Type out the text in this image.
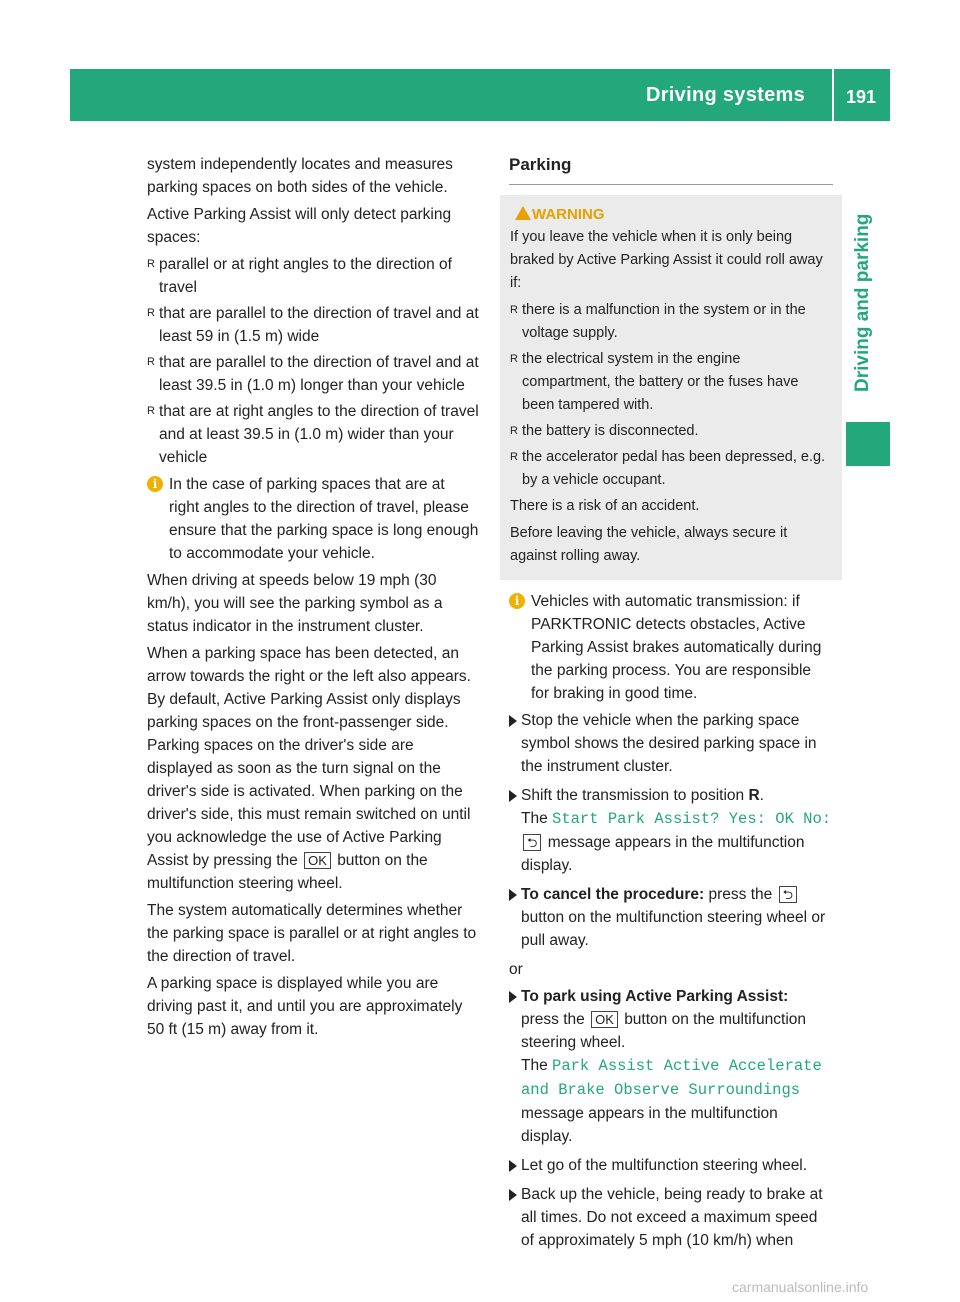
Driving systems 191
Driving and parking

system independently locates and measures parking spaces on both sides of the vehicle.

Active Parking Assist will only detect parking spaces:

R parallel or at right angles to the direction of travel
R that are parallel to the direction of travel and at least 59 in (1.5 m) wide
R that are parallel to the direction of travel and at least 39.5 in (1.0 m) longer than your vehicle
R that are at right angles to the direction of travel and at least 39.5 in (1.0 m) wider than your vehicle
i In the case of parking spaces that are at right angles to the direction of travel, please ensure that the parking space is long enough to accommodate your vehicle.

When driving at speeds below 19 mph (30 km/h), you will see the parking symbol as a status indicator in the instrument cluster.

When a parking space has been detected, an arrow towards the right or the left also appears. By default, Active Parking Assist only displays parking spaces on the front-passenger side. Parking spaces on the driver's side are displayed as soon as the turn signal on the driver's side is activated. When parking on the driver's side, this must remain switched on until you acknowledge the use of Active Parking Assist by pressing the OK button on the multifunction steering wheel.

The system automatically determines whether the parking space is parallel or at right angles to the direction of travel.

A parking space is displayed while you are driving past it, and until you are approximately 50 ft (15 m) away from it.

Parking
WARNING

If you leave the vehicle when it is only being braked by Active Parking Assist it could roll away if:

R there is a malfunction in the system or in the voltage supply.
R the electrical system in the engine compartment, the battery or the fuses have been tampered with.
R the battery is disconnected.
R the accelerator pedal has been depressed, e.g. by a vehicle occupant.

There is a risk of an accident.

Before leaving the vehicle, always secure it against rolling away.

i Vehicles with automatic transmission: if PARKTRONIC detects obstacles, Active Parking Assist brakes automatically during the parking process. You are responsible for braking in good time.
Stop the vehicle when the parking space symbol shows the desired parking space in the instrument cluster.
Shift the transmission to position R.
The Start Park Assist? Yes: OK No:
⮌ message appears in the multifunction display.
To cancel the procedure: press the ⮌ button on the multifunction steering wheel or pull away.

or

To park using Active Parking Assist:
press the OK button on the multifunction steering wheel.
The Park Assist Active Accelerate and Brake Observe Surroundings message appears in the multifunction display.
Let go of the multifunction steering wheel.
Back up the vehicle, being ready to brake at all times. Do not exceed a maximum speed of approximately 5 mph (10 km/h) when
carmanualsonline.info
